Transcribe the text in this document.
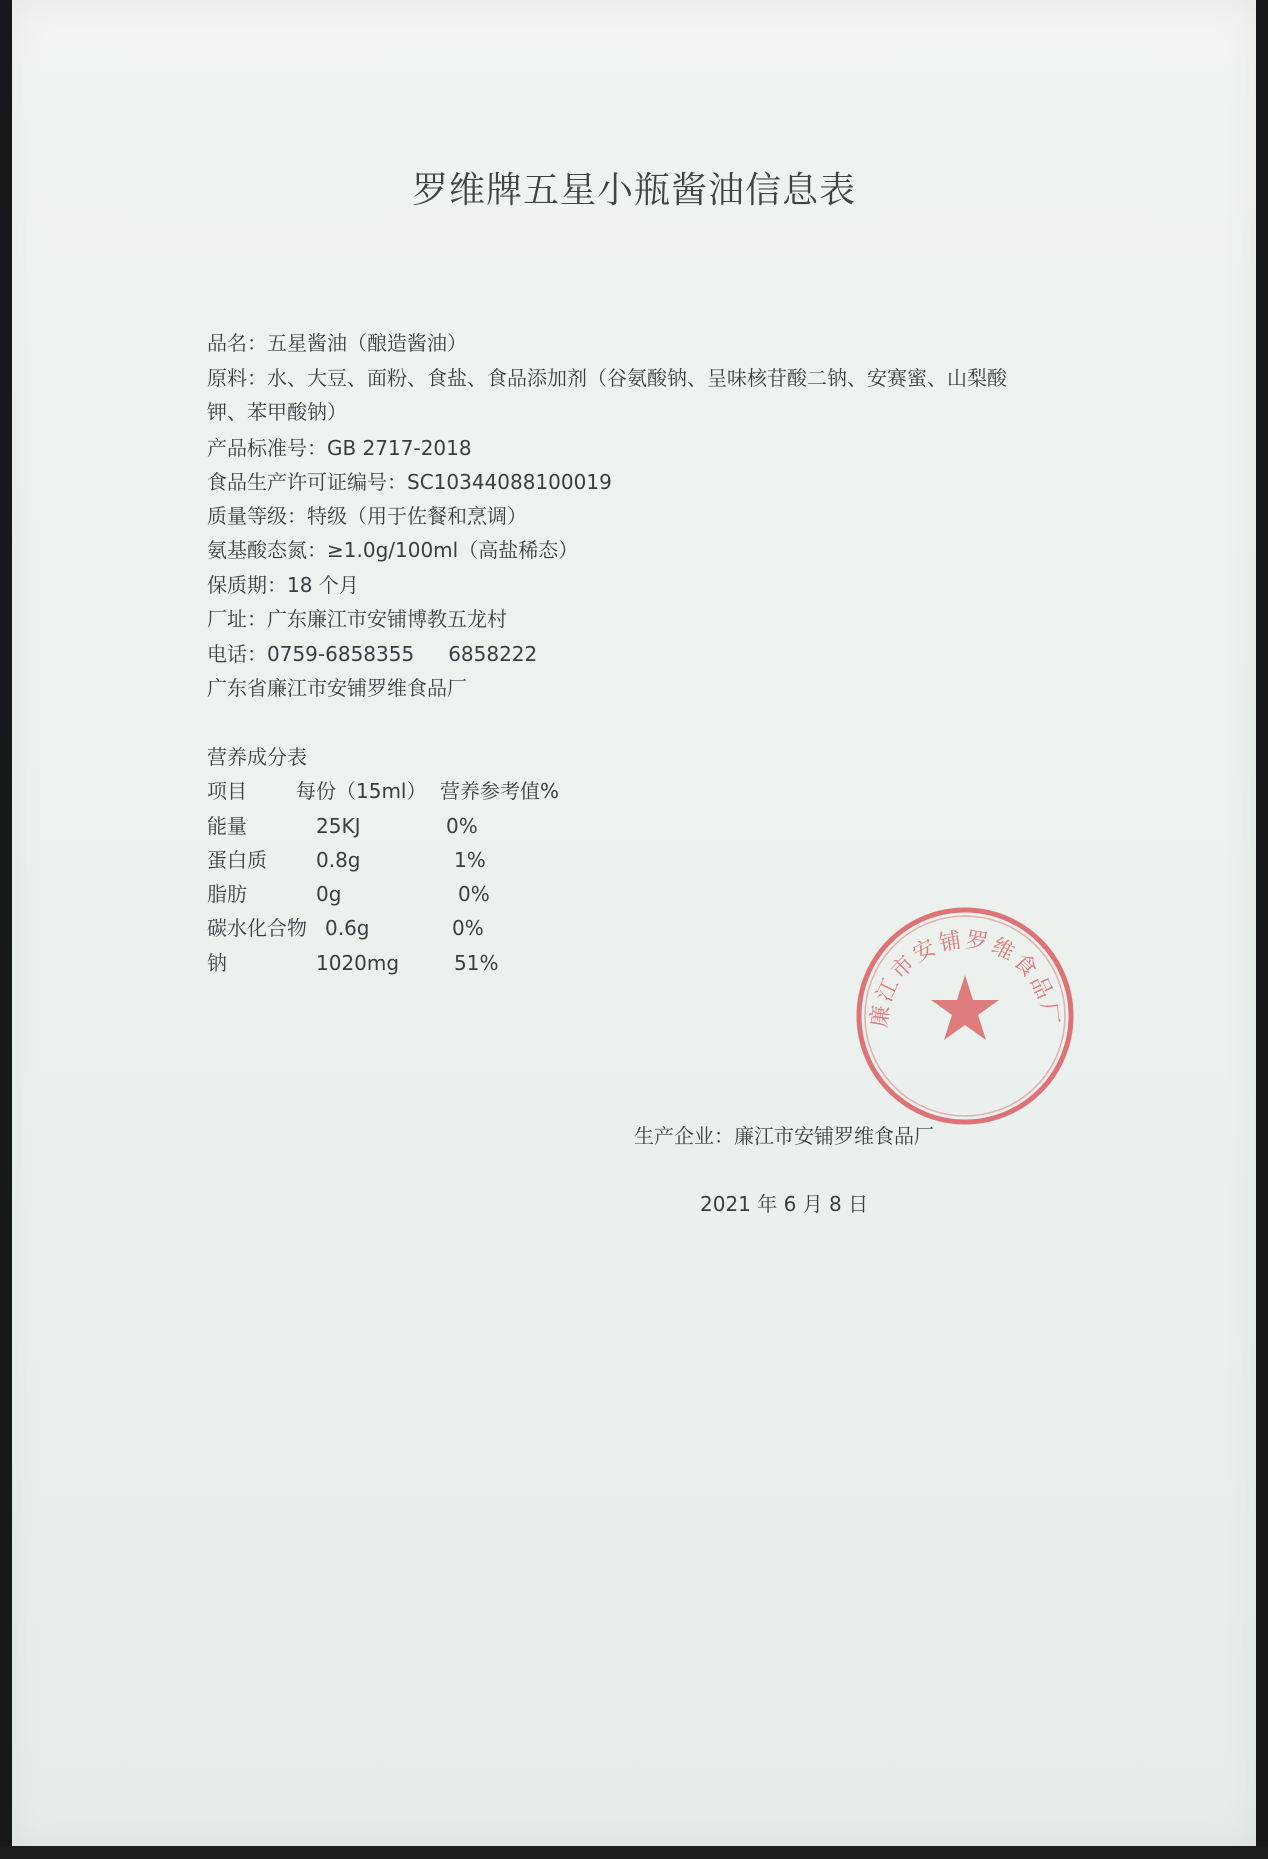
罗维牌五星小瓶酱油信息表
品名：五星酱油（酿造酱油）
原料：水、大豆、面粉、食盐、食品添加剂（谷氨酸钠、呈味核苷酸二钠、安赛蜜、山梨酸
钾、苯甲酸钠）
产品标准号：GB 2717-2018
食品生产许可证编号：SC10344088100019
质量等级：特级（用于佐餐和烹调）
氨基酸态氮：≥1.0g/100ml（高盐稀态）
保质期：18 个月
厂址：广东廉江市安铺博教五龙村
电话：0759-6858355 6858222
广东省廉江市安铺罗维食品厂
营养成分表
项目 每份（15ml） 营养参考值%
能量	25KJ	0%
蛋白质 0.8g	1%
脂肪	0g	0%
碳水化合物 0.6g	0%
钠	1020mg	51%
廉江市安铺罗维食品厂
生产企业：廉江市安铺罗维食品厂
2021 年 6 月 8 日
